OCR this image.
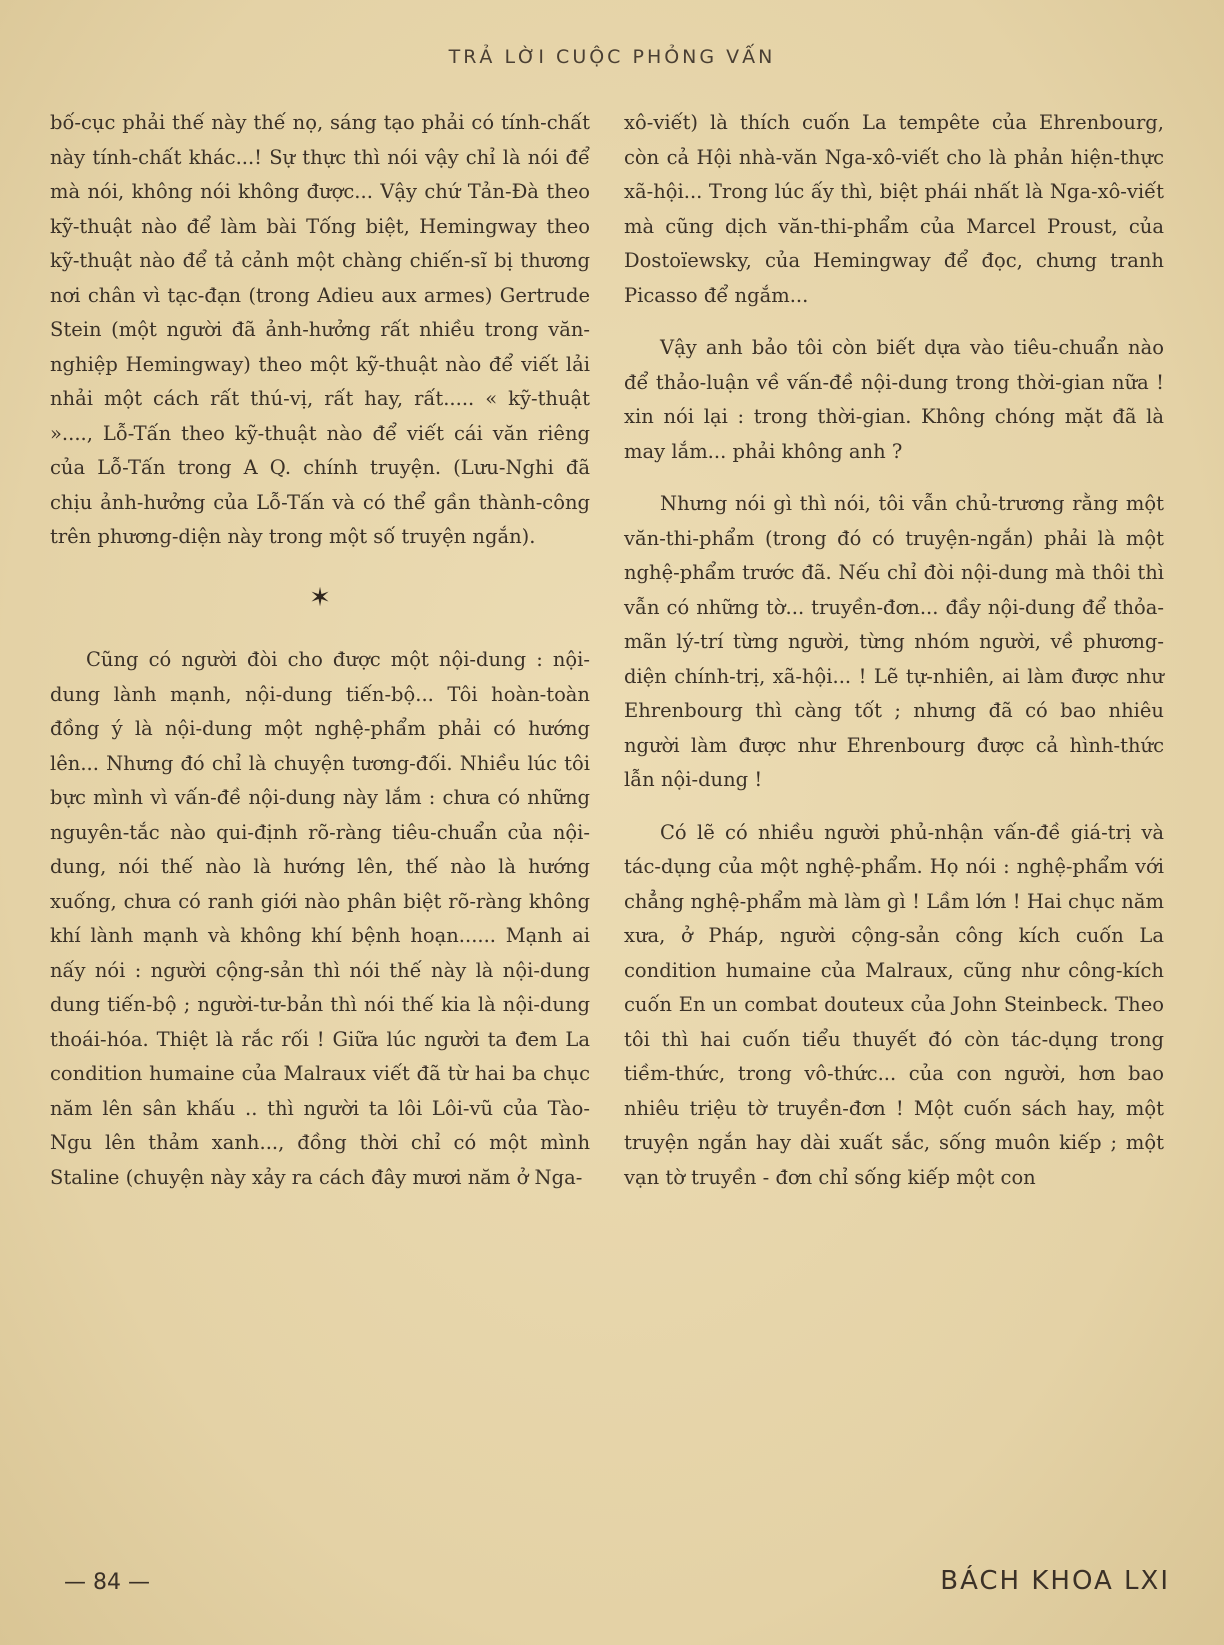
TRẢ LỜI CUỘC PHỎNG VẤN

bố-cục phải thế này thế nọ, sáng tạo phải có tính-chất này tính-chất khác...! Sự thực thì nói vậy chỉ là nói để mà nói, không nói không được... Vậy chứ Tản-Đà theo kỹ-thuật nào để làm bài Tống biệt, Hemingway theo kỹ-thuật nào để tả cảnh một chàng chiến-sĩ bị thương nơi chân vì tạc-đạn (trong Adieu aux armes) Gertrude Stein (một người đã ảnh-hưởng rất nhiều trong văn-nghiệp Hemingway) theo một kỹ-thuật nào để viết lải nhải một cách rất thú-vị, rất hay, rất..... « kỹ-thuật »...., Lỗ-Tấn theo kỹ-thuật nào để viết cái văn riêng của Lỗ-Tấn trong A Q. chính truyện. (Lưu-Nghi đã chịu ảnh-hưởng của Lỗ-Tấn và có thể gần thành-công trên phương-diện này trong một số truyện ngắn).

✶

Cũng có người đòi cho được một nội-dung : nội-dung lành mạnh, nội-dung tiến-bộ... Tôi hoàn-toàn đồng ý là nội-dung một nghệ-phẩm phải có hướng lên... Nhưng đó chỉ là chuyện tương-đối. Nhiều lúc tôi bực mình vì vấn-đề nội-dung này lắm : chưa có những nguyên-tắc nào qui-định rõ-ràng tiêu-chuẩn của nội-dung, nói thế nào là hướng lên, thế nào là hướng xuống, chưa có ranh giới nào phân biệt rõ-ràng không khí lành mạnh và không khí bệnh hoạn...... Mạnh ai nấy nói : người cộng-sản thì nói thế này là nội-dung dung tiến-bộ ; người-tư-bản thì nói thế kia là nội-dung thoái-hóa. Thiệt là rắc rối ! Giữa lúc người ta đem La condition humaine của Malraux viết đã từ hai ba chục năm lên sân khấu .. thì người ta lôi Lôi-vũ của Tào-Ngu lên thảm xanh..., đồng thời chỉ có một mình Staline (chuyện này xảy ra cách đây mươi năm ở Nga-

xô-viết) là thích cuốn La tempête của Ehrenbourg, còn cả Hội nhà-văn Nga-xô-viết cho là phản hiện-thực xã-hội... Trong lúc ấy thì, biệt phái nhất là Nga-xô-viết mà cũng dịch văn-thi-phẩm của Marcel Proust, của Dostoïewsky, của Hemingway để đọc, chưng tranh Picasso để ngắm...

Vậy anh bảo tôi còn biết dựa vào tiêu-chuẩn nào để thảo-luận về vấn-đề nội-dung trong thời-gian nữa ! xin nói lại : trong thời-gian. Không chóng mặt đã là may lắm... phải không anh ?

Nhưng nói gì thì nói, tôi vẫn chủ-trương rằng một văn-thi-phẩm (trong đó có truyện-ngắn) phải là một nghệ-phẩm trước đã. Nếu chỉ đòi nội-dung mà thôi thì vẫn có những tờ... truyền-đơn... đầy nội-dung để thỏa-mãn lý-trí từng người, từng nhóm người, về phương-diện chính-trị, xã-hội... ! Lẽ tự-nhiên, ai làm được như Ehrenbourg thì càng tốt ; nhưng đã có bao nhiêu người làm được như Ehrenbourg được cả hình-thức lẫn nội-dung !

Có lẽ có nhiều người phủ-nhận vấn-đề giá-trị và tác-dụng của một nghệ-phẩm. Họ nói : nghệ-phẩm với chẳng nghệ-phẩm mà làm gì ! Lầm lớn ! Hai chục năm xưa, ở Pháp, người cộng-sản công kích cuốn La condition humaine của Malraux, cũng như công-kích cuốn En un combat douteux của John Steinbeck. Theo tôi thì hai cuốn tiểu thuyết đó còn tác-dụng trong tiềm-thức, trong vô-thức... của con người, hơn bao nhiêu triệu tờ truyền-đơn ! Một cuốn sách hay, một truyện ngắn hay dài xuất sắc, sống muôn kiếp ; một vạn tờ truyền - đơn chỉ sống kiếp một con

— 84 —	BÁCH KHOA LXI
